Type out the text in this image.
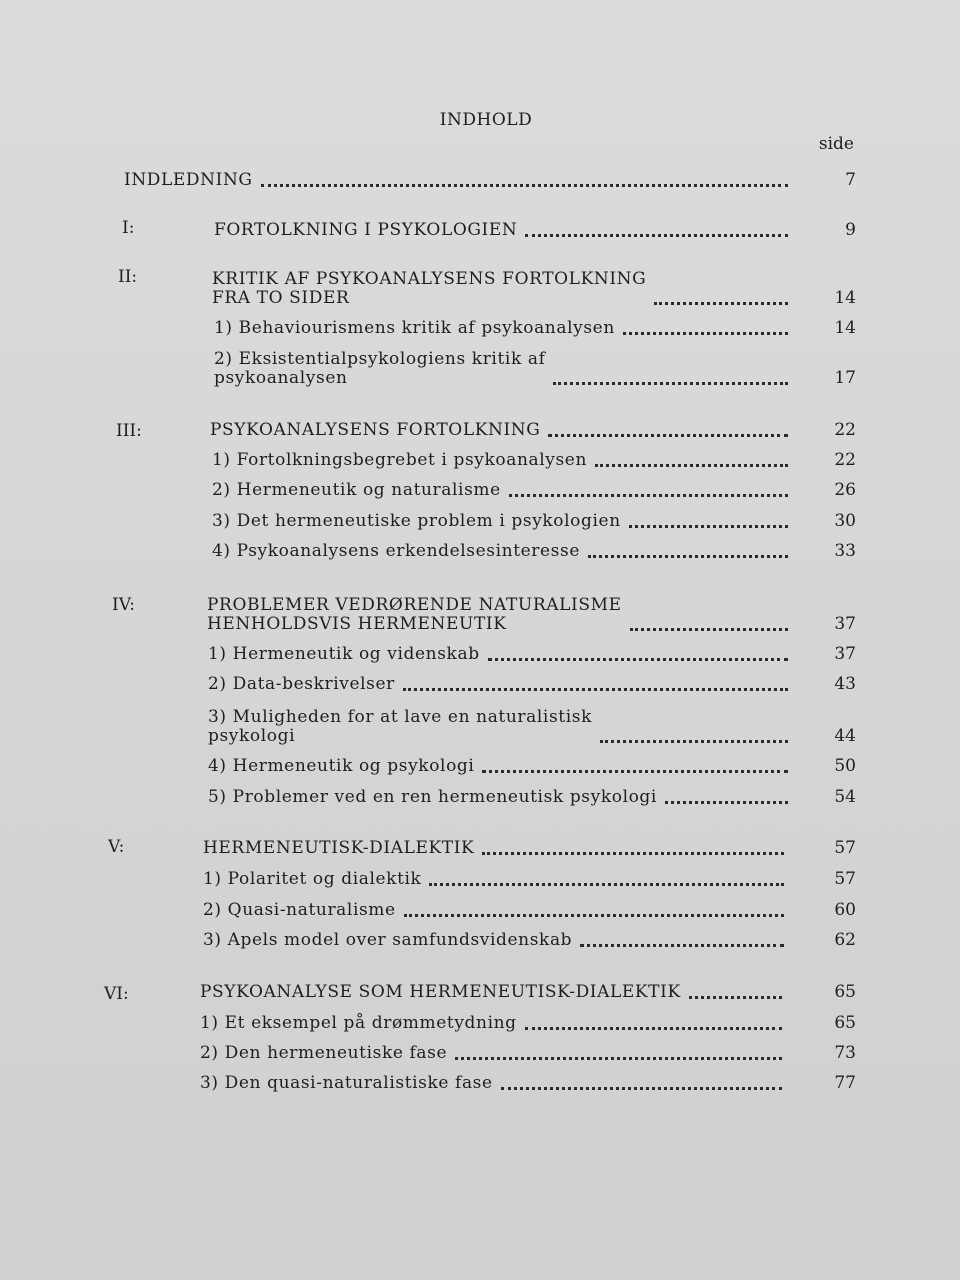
INDHOLD
side
INDLEDNING	7
I:	FORTOLKNING I PSYKOLOGIEN	9
II:	KRITIK AF PSYKOANALYSENS FORTOLKNING
FRA TO SIDER	14
1) Behaviourismens kritik af psykoanalysen	14
2) Eksistentialpsykologiens kritik af
psykoanalysen	17
III:	PSYKOANALYSENS FORTOLKNING	22
1) Fortolkningsbegrebet i psykoanalysen	22
2) Hermeneutik og naturalisme	26
3) Det hermeneutiske problem i psykologien	30
4) Psykoanalysens erkendelsesinteresse	33
IV:	PROBLEMER VEDRØRENDE NATURALISME
HENHOLDSVIS HERMENEUTIK	37
1) Hermeneutik og videnskab	37
2) Data-beskrivelser	43
3) Muligheden for at lave en naturalistisk
psykologi	44
4) Hermeneutik og psykologi	50
5) Problemer ved en ren hermeneutisk psykologi	54
V:	HERMENEUTISK-DIALEKTIK	57
1) Polaritet og dialektik	57
2) Quasi-naturalisme	60
3) Apels model over samfundsvidenskab	62
VI:	PSYKOANALYSE SOM HERMENEUTISK-DIALEKTIK	65
1) Et eksempel på drømmetydning	65
2) Den hermeneutiske fase	73
3) Den quasi-naturalistiske fase	77
